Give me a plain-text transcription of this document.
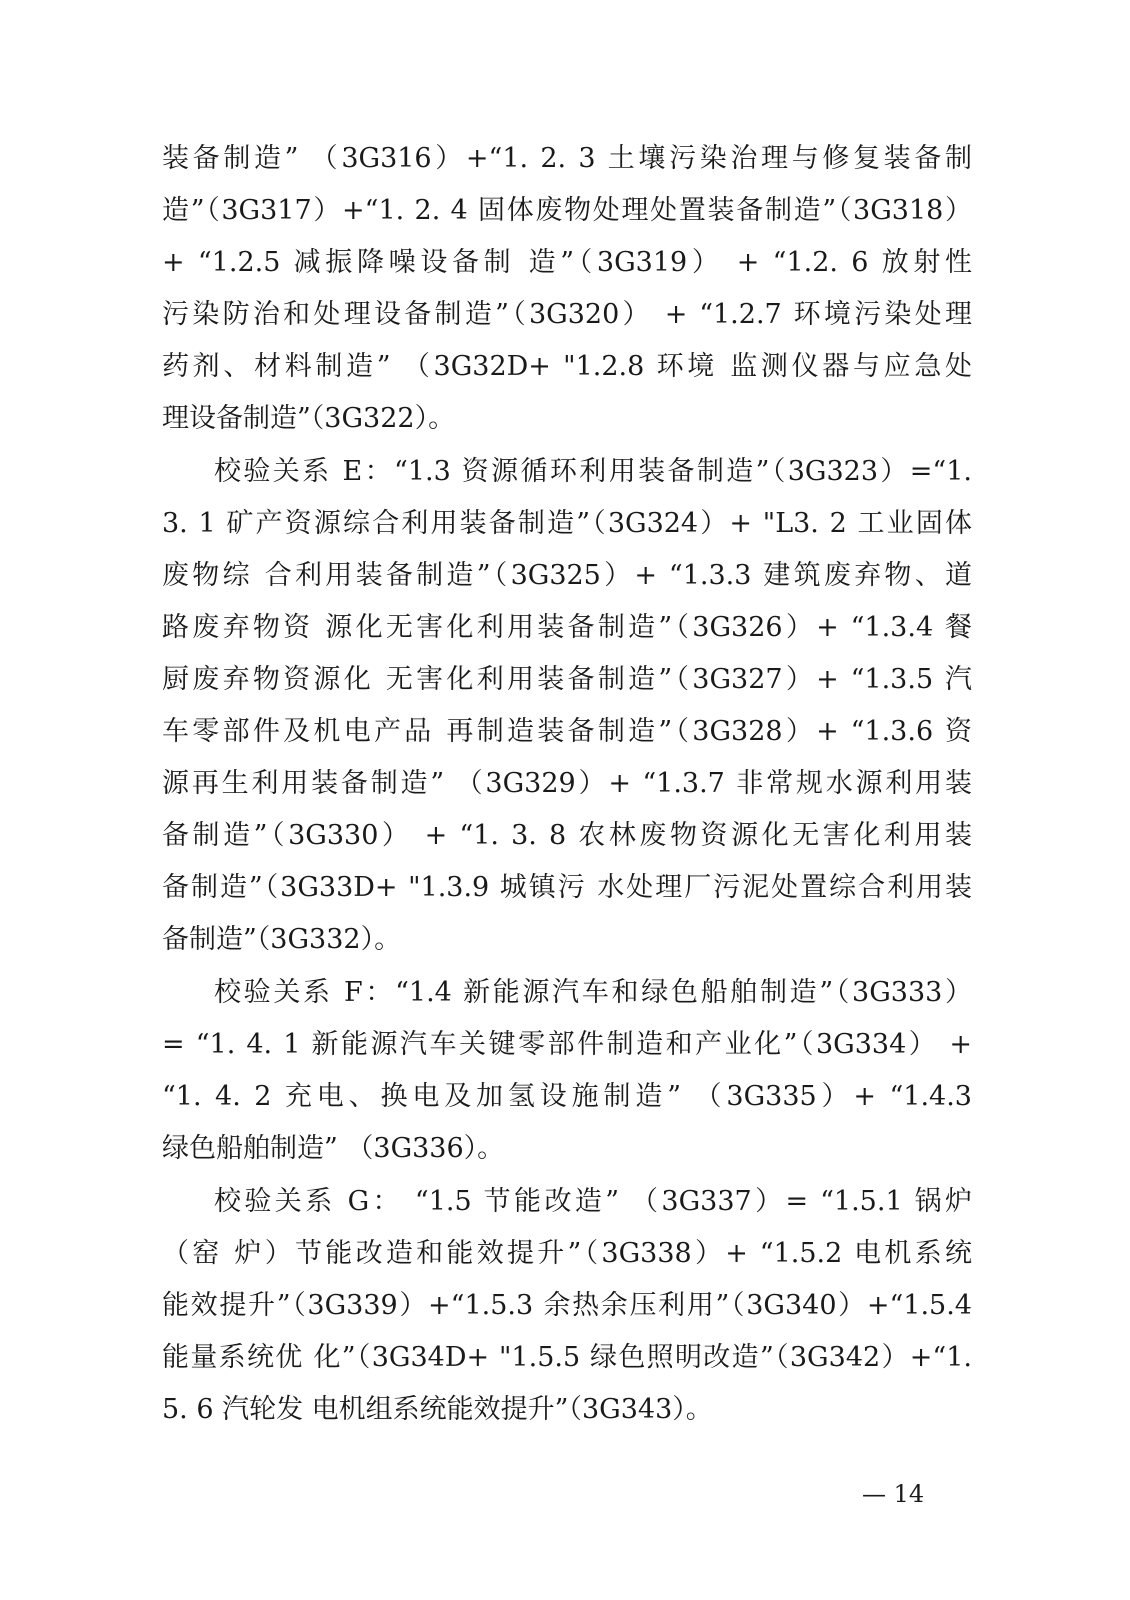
装备制造” （3G316）+“1. 2. 3 土壤污染治理与修复装备制
造”（3G317）+“1. 2. 4 固体废物处理处置装备制造”（3G318）
+ “1.2.5 减振降噪设备制 造”（3G319） + “1.2. 6 放射性
污染防治和处理设备制造”（3G320） + “1.2.7 环境污染处理
药剂、材料制造” （3G32D+ "1.2.8 环境 监测仪器与应急处
理设备制造”（3G322）。
校验关系 E：“1.3 资源循环利用装备制造”（3G323）=“1.
3. 1 矿产资源综合利用装备制造”（3G324）+ "L3. 2 工业固体
废物综 合利用装备制造”（3G325）+ “1.3.3 建筑废弃物、道
路废弃物资 源化无害化利用装备制造”（3G326）+ “1.3.4 餐
厨废弃物资源化 无害化利用装备制造”（3G327）+ “1.3.5 汽
车零部件及机电产品 再制造装备制造”（3G328）+ “1.3.6 资
源再生利用装备制造” （3G329）+ “1.3.7 非常规水源利用装
备制造”（3G330） + “1. 3. 8 农林废物资源化无害化利用装
备制造”（3G33D+ "1.3.9 城镇污 水处理厂污泥处置综合利用装
备制造”（3G332）。
校验关系 F：“1.4 新能源汽车和绿色船舶制造”（3G333）
= “1. 4. 1 新能源汽车关键零部件制造和产业化”（3G334） +
“1. 4. 2 充电、换电及加氢设施制造” （3G335）+ “1.4.3
绿色船舶制造” （3G336）。
校验关系 G： “1.5 节能改造” （3G337）= “1.5.1 锅炉
（窑 炉）节能改造和能效提升”（3G338）+ “1.5.2 电机系统
能效提升”（3G339）+“1.5.3 余热余压利用”（3G340）+“1.5.4
能量系统优 化”（3G34D+ "1.5.5 绿色照明改造”（3G342）+“1.
5. 6 汽轮发 电机组系统能效提升”（3G343）。
— 14
